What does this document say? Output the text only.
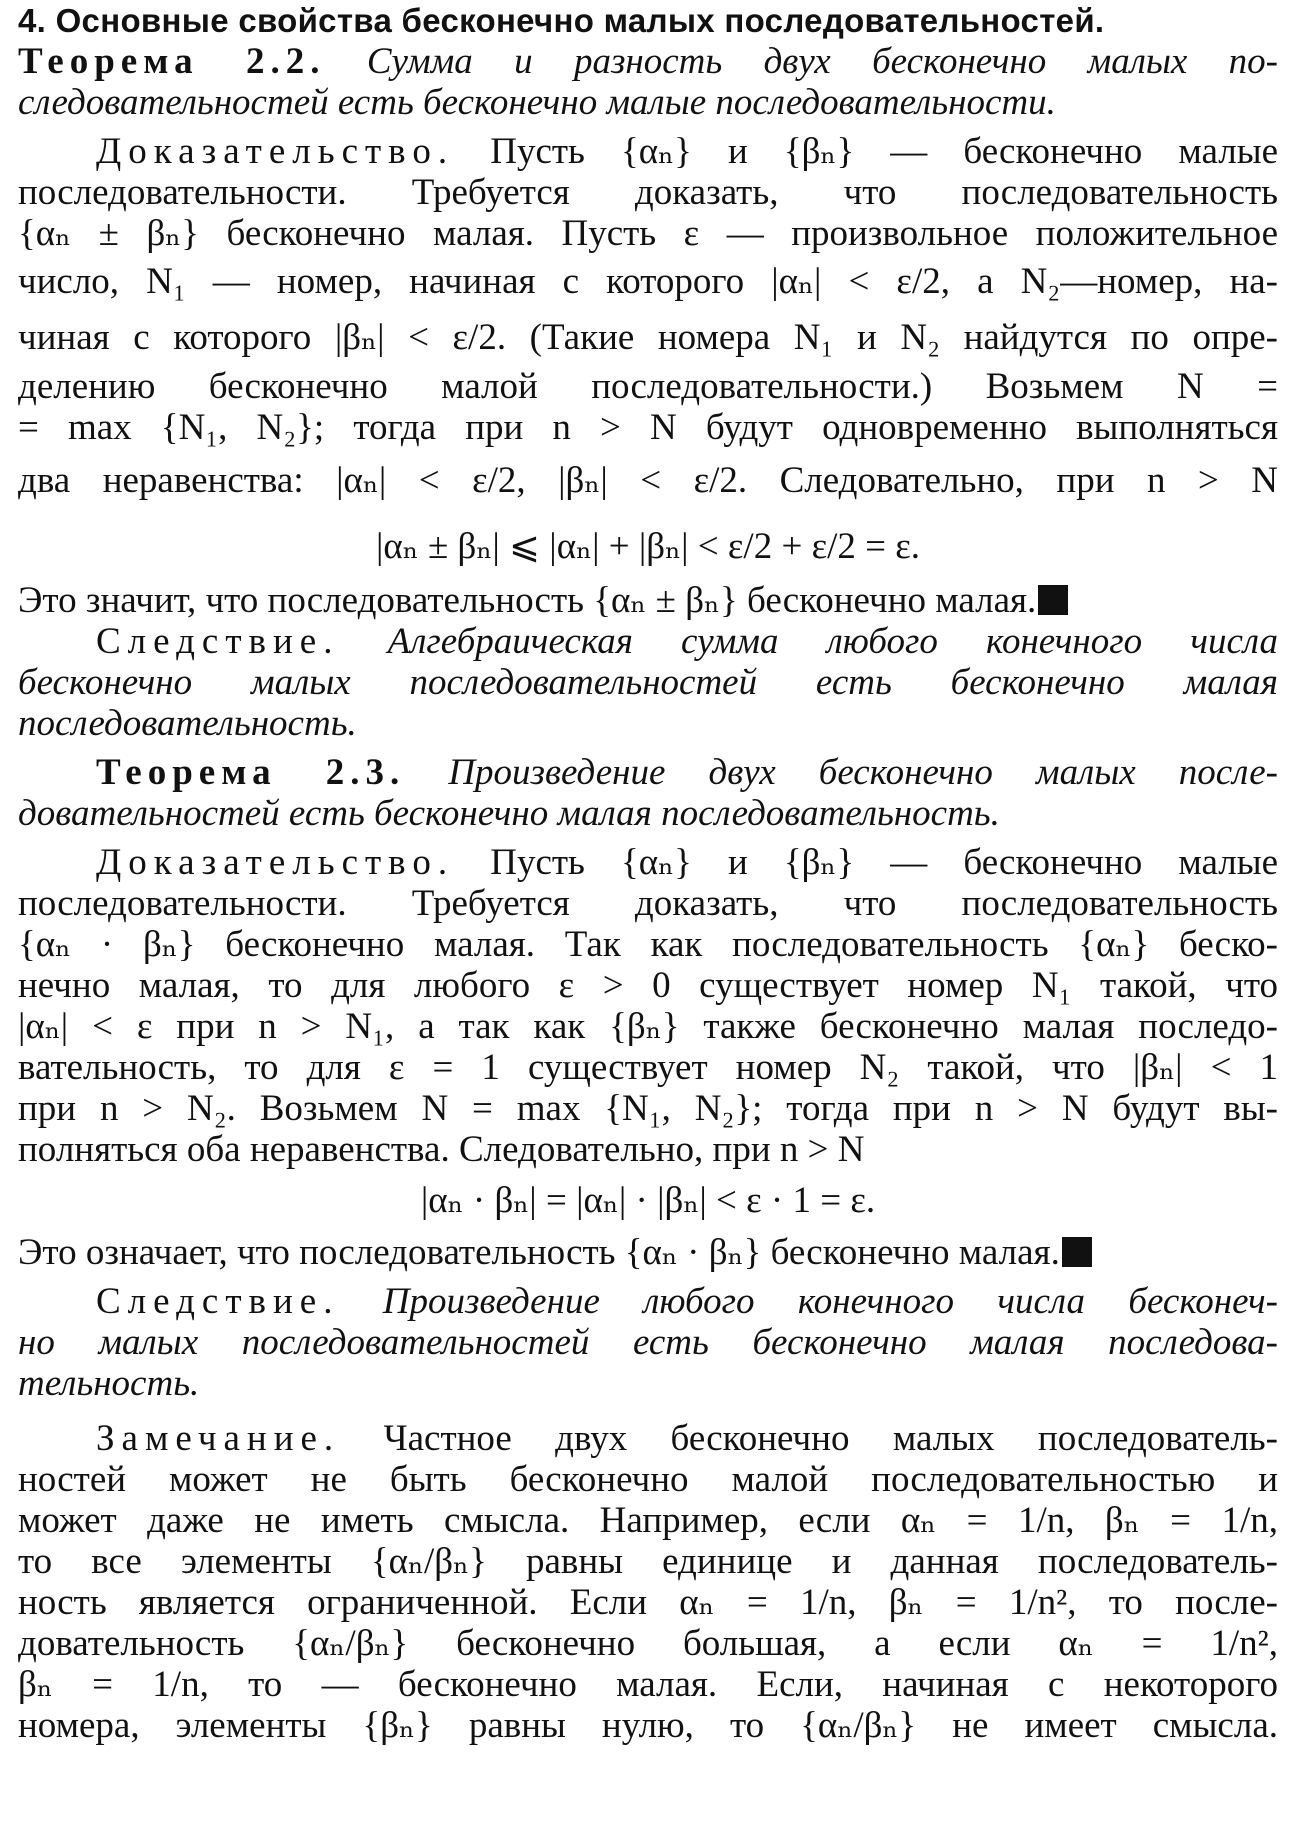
4. Основные свойства бесконечно малых последовательностей.
Теорема 2.2. Сумма и разность двух бесконечно малых по-
следовательностей есть бесконечно малые последовательности.
Доказательство. Пусть {αₙ} и {βₙ} — бесконечно малые
последовательности. Требуется доказать, что последовательность
{αₙ ± βₙ} бесконечно малая. Пусть ε — произвольное положительное
число, N₁ — номер, начиная с которого |αₙ| < ε/2, а N₂—номер, на-
чиная с которого |βₙ| < ε/2. (Такие номера N₁ и N₂ найдутся по опре-
делению бесконечно малой последовательности.) Возьмем N =
= max {N₁, N₂}; тогда при n > N будут одновременно выполняться
два неравенства: |αₙ| < ε/2, |βₙ| < ε/2. Следовательно, при n > N
|αₙ ± βₙ| ⩽ |αₙ| + |βₙ| < ε/2 + ε/2 = ε.
Это значит, что последовательность {αₙ ± βₙ} бесконечно малая.
Следствие. Алгебраическая сумма любого конечного числа
бесконечно малых последовательностей есть бесконечно малая
последовательность.
Теорема 2.3. Произведение двух бесконечно малых после-
довательностей есть бесконечно малая последовательность.
Доказательство. Пусть {αₙ} и {βₙ} — бесконечно малые
последовательности. Требуется доказать, что последовательность
{αₙ · βₙ} бесконечно малая. Так как последовательность {αₙ} беско-
нечно малая, то для любого ε > 0 существует номер N₁ такой, что
|αₙ| < ε при n > N₁, а так как {βₙ} также бесконечно малая последо-
вательность, то для ε = 1 существует номер N₂ такой, что |βₙ| < 1
при n > N₂. Возьмем N = max {N₁, N₂}; тогда при n > N будут вы-
полняться оба неравенства. Следовательно, при n > N
|αₙ · βₙ| = |αₙ| · |βₙ| < ε · 1 = ε.
Это означает, что последовательность {αₙ · βₙ} бесконечно малая.
Следствие. Произведение любого конечного числа бесконеч-
но малых последовательностей есть бесконечно малая последова-
тельность.
Замечание. Частное двух бесконечно малых последователь-
ностей может не быть бесконечно малой последовательностью и
может даже не иметь смысла. Например, если αₙ = 1/n, βₙ = 1/n,
то все элементы {αₙ/βₙ} равны единице и данная последователь-
ность является ограниченной. Если αₙ = 1/n, βₙ = 1/n², то после-
довательность {αₙ/βₙ} бесконечно большая, а если αₙ = 1/n²,
βₙ = 1/n, то — бесконечно малая. Если, начиная с некоторого
номера, элементы {βₙ} равны нулю, то {αₙ/βₙ} не имеет смысла.
